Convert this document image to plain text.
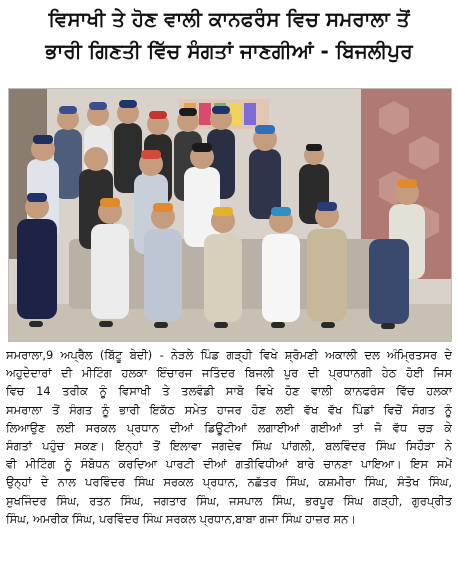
ਵਿਸਾਖੀ ਤੇ ਹੋਣ ਵਾਲੀ ਕਾਨਫਰੰਸ ਵਿਚ ਸਮਰਾਲਾ ਤੋਂ
ਭਾਰੀ ਗਿਣਤੀ ਵਿੱਚ ਸੰਗਤਾਂ ਜਾਣਗੀਆਂ - ਬਿਜਲੀਪੁਰ
ਸਮਰਾਲਾ,9 ਅਪ੍ਰੈਲ (ਬਿੱਟੂ ਬੇਦੀ) - ਨੇੜਲੇ ਪਿੰਡ ਗੜ੍ਹੀ ਵਿਖੇ ਸ਼੍ਰੋਮਣੀ ਅਕਾਲੀ ਦਲ ਅੰਮ੍ਰਿਤਸਰ ਦੇ
ਅਹੁਦੇਦਾਰਾਂ ਦੀ ਮੀਟਿੰਗ ਹਲਕਾ ਇੰਚਾਰਜ ਜਤਿੰਦਰ ਬਿਜਲੀ ਪੁਰ ਦੀ ਪ੍ਰਧਾਨਗੀ ਹੇਠ ਹੋਈ ਜਿਸ
ਵਿਚ 14 ਤਰੀਕ ਨੂੰ ਵਿਸਾਖੀ ਤੇ ਤਲਵੰਡੀ ਸਾਬੋ ਵਿਖੇ ਹੋਣ ਵਾਲੀ ਕਾਨਫਰੰਸ ਵਿੱਚ ਹਲਕਾ
ਸਮਰਾਲਾ ਤੋਂ ਸੰਗਤ ਨੂੰ ਭਾਰੀ ਇਕੱਠ ਸਮੇਤ ਹਾਜਰ ਹੋਣ ਲਈ ਵੱਖ ਵੱਖ ਪਿੰਡਾਂ ਵਿਚੋਂ ਸੰਗਤ ਨੂੰ
ਲਿਆਉਣ ਲਈ ਸਰਕਲ ਪ੍ਰਧਾਨ ਦੀਆਂ ਡਿਊਟੀਆਂ ਲਗਾਈਆਂ ਗਈਆਂ ਤਾਂ ਜੋ ਵੱਧ ਚੜ ਕੇ
ਸੰਗਤਾਂ ਪਹੁੰਚ ਸਕਣ। ਇਨ੍ਹਾਂ ਤੋਂ ਇਲਾਵਾ ਜਗਦੇਵ ਸਿੰਘ ਪਾਂਗਲੀ, ਬਲਵਿੰਦਰ ਸਿੰਘ ਸਿਹੌੜਾ ਨੇ
ਵੀ ਮੀਟਿੰਗ ਨੂੰ ਸੰਬੋਧਨ ਕਰਦਿਆ ਪਾਰਟੀ ਦੀਆਂ ਗਤੀਵਿਧੀਆਂ ਬਾਰੇ ਚਾਨਣਾ ਪਾਇਆ। ਇਸ ਸਮੇਂ
ਉਨ੍ਹਾਂ ਦੇ ਨਾਲ ਪਰਵਿੰਦਰ ਸਿੰਘ ਸਰਕਲ ਪ੍ਰਧਾਨ, ਨਛੱਤਰ ਸਿੰਘ, ਕਸ਼ਮੀਰਾ ਸਿੰਘ, ਸੰਤੋਖ ਸਿੰਘ,
ਸੁਖਜਿੰਦਰ ਸਿੰਘ, ਰਤਨ ਸਿੰਘ, ਜਗਤਾਰ ਸਿੰਘ, ਜਸਪਾਲ ਸਿੰਘ, ਭਰਪੂਰ ਸਿੰਘ ਗੜ੍ਹੀ, ਗੁਰਪ੍ਰੀਤ
ਸਿੰਘ, ਅਮਰੀਕ ਸਿੰਘ, ਪਰਵਿੰਦਰ ਸਿੰਘ ਸਰਕਲ ਪ੍ਰਧਾਨ,ਬਾਬਾ ਗਜਾ ਸਿੰਘ ਹਾਜ਼ਰ ਸਨ।
